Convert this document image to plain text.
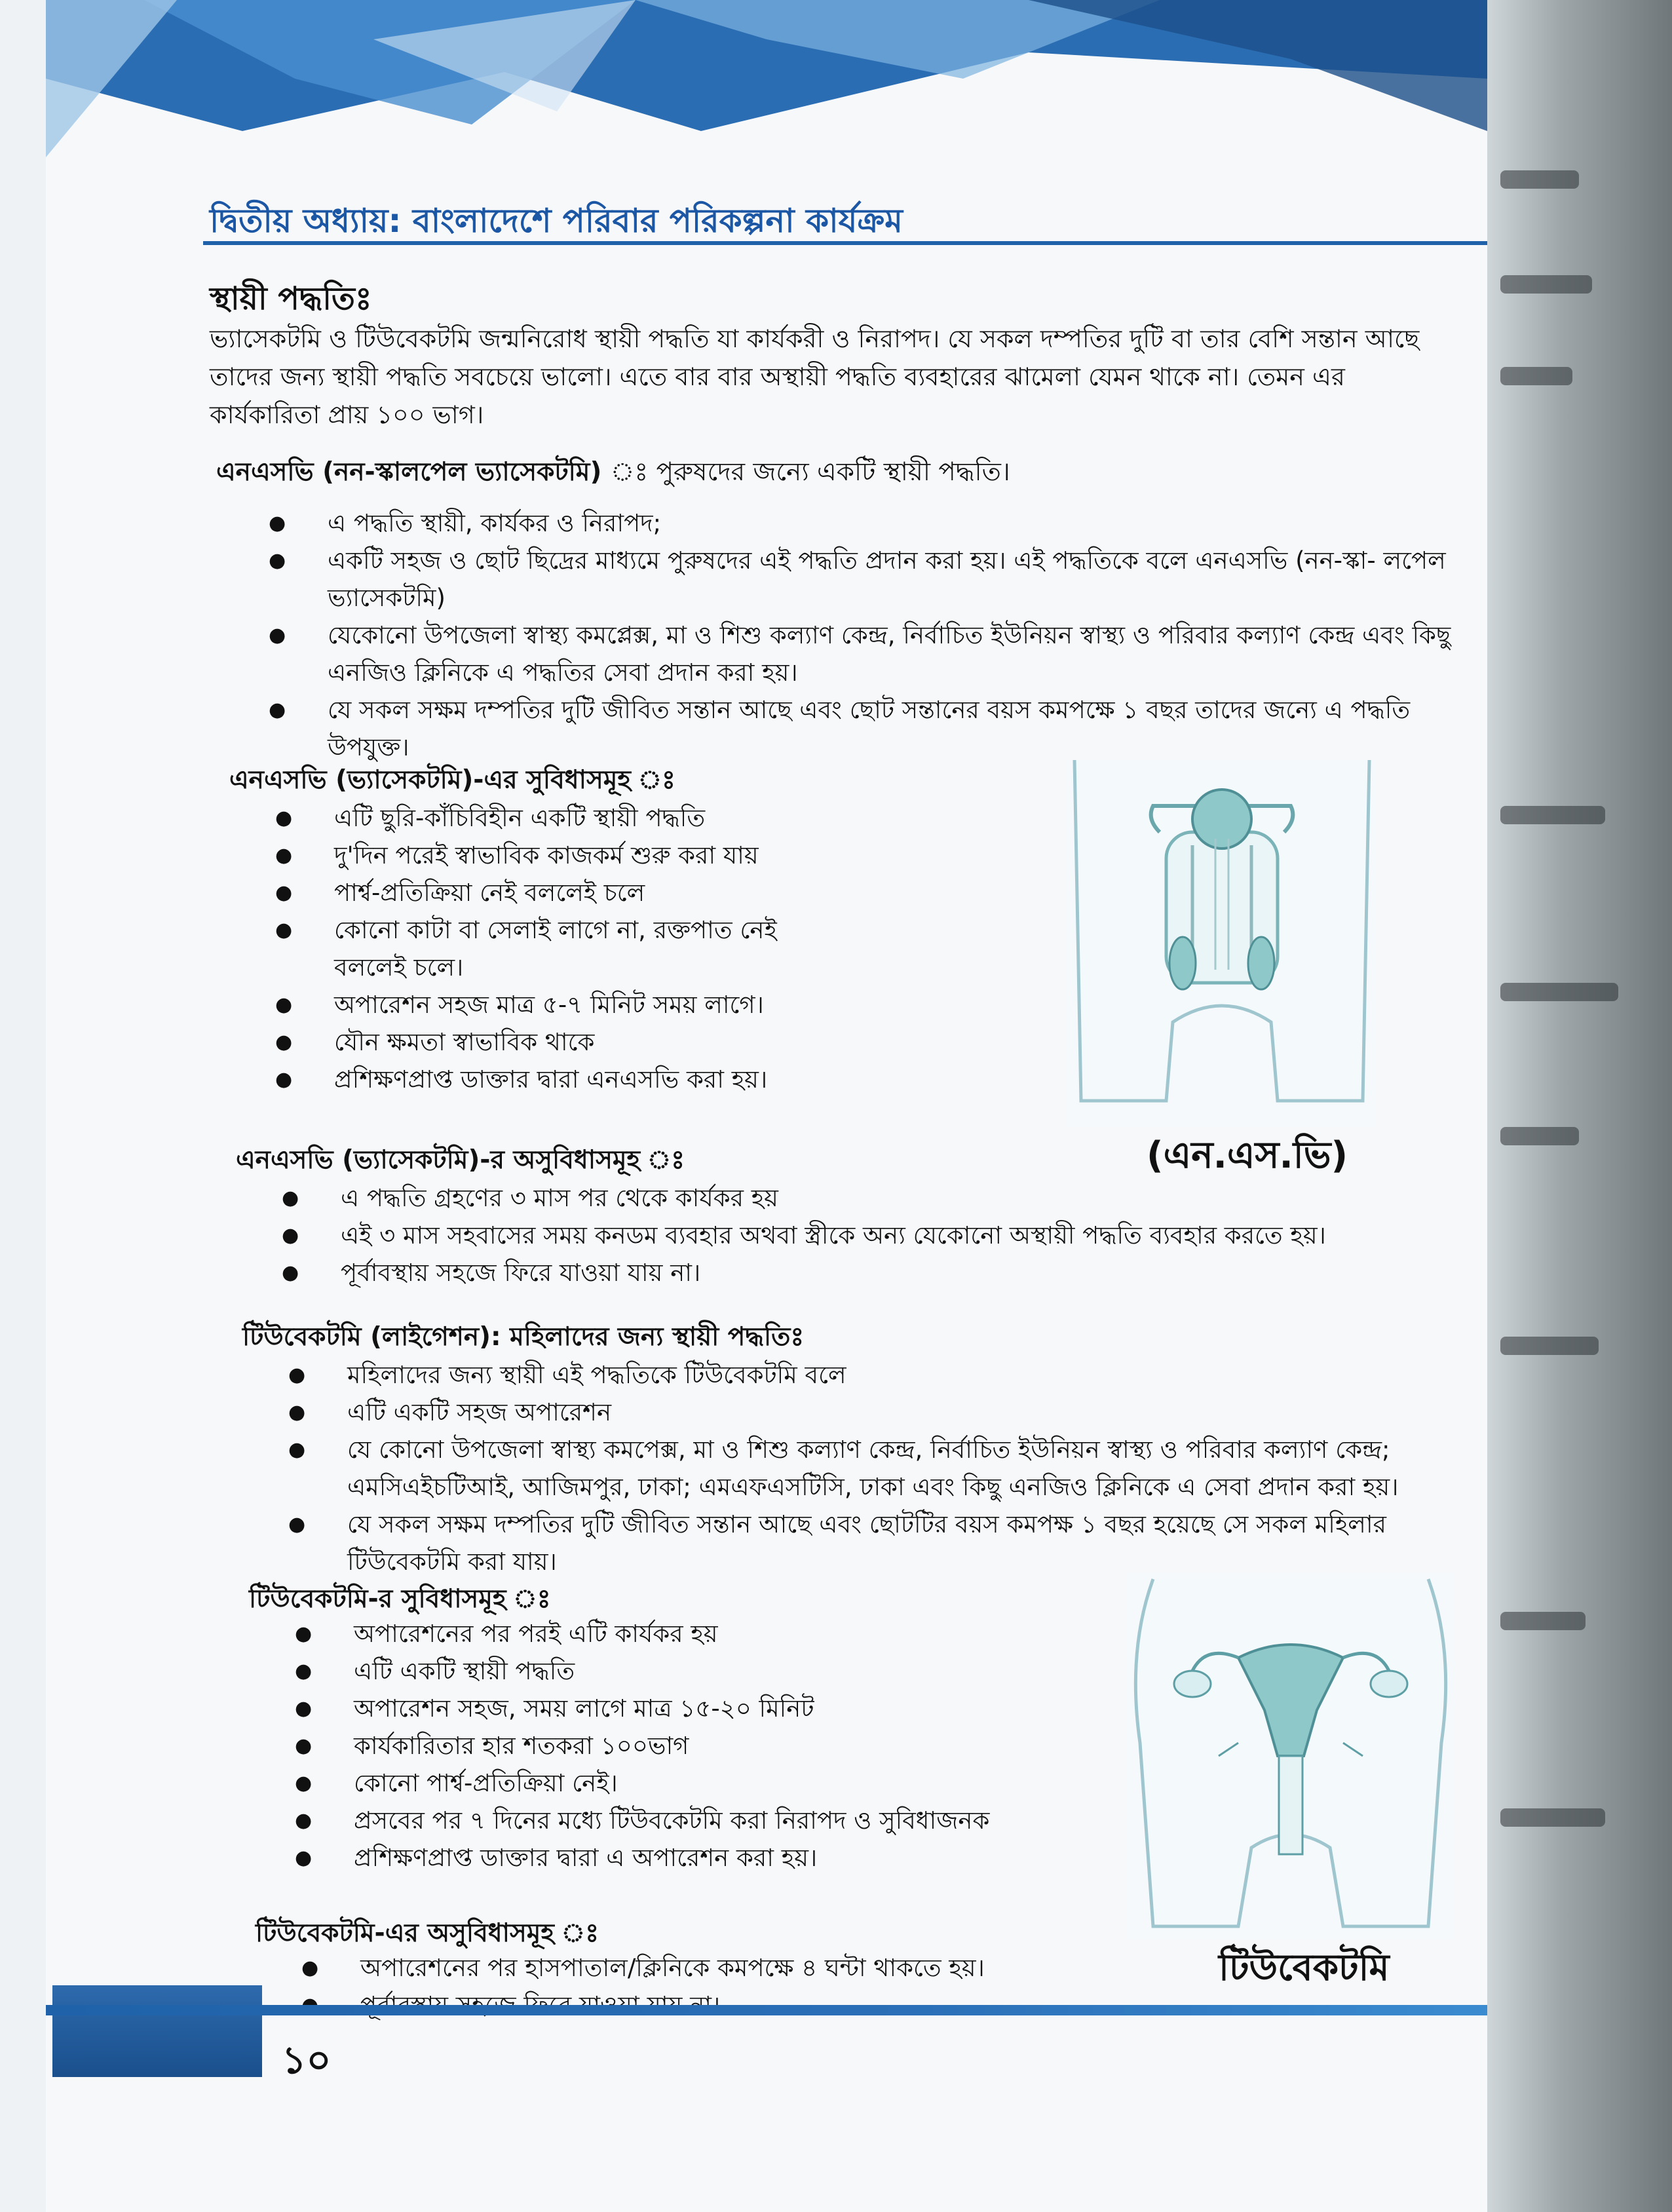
দ্বিতীয় অধ্যায়: বাংলাদেশে পরিবার পরিকল্পনা কার্যক্রম
স্থায়ী পদ্ধতিঃ
ভ্যাসেকটমি ও টিউবেকটমি জন্মনিরোধ স্থায়ী পদ্ধতি যা কার্যকরী ও নিরাপদ। যে সকল দম্পতির দুটি বা তার বেশি সন্তান আছে
তাদের জন্য স্থায়ী পদ্ধতি সবচেয়ে ভালো। এতে বার বার অস্থায়ী পদ্ধতি ব্যবহারের ঝামেলা যেমন থাকে না। তেমন এর
কার্যকারিতা প্রায় ১০০ ভাগ।
এনএসভি (নন-স্কালপেল ভ্যাসেকটমি) ঃ পুরুষদের জন্যে একটি স্থায়ী পদ্ধতি।
● এ পদ্ধতি স্থায়ী, কার্যকর ও নিরাপদ;
● একটি সহজ ও ছোট ছিদ্রের মাধ্যমে পুরুষদের এই পদ্ধতি প্রদান করা হয়। এই পদ্ধতিকে বলে এনএসভি (নন-স্কা- লপেল ভ্যাসেকটমি)
● যেকোনো উপজেলা স্বাস্থ্য কমপ্লেক্স, মা ও শিশু কল্যাণ কেন্দ্র, নির্বাচিত ইউনিয়ন স্বাস্থ্য ও পরিবার কল্যাণ কেন্দ্র এবং কিছু এনজিও ক্লিনিকে এ পদ্ধতির সেবা প্রদান করা হয়।
● যে সকল সক্ষম দম্পতির দুটি জীবিত সন্তান আছে এবং ছোট সন্তানের বয়স কমপক্ষে ১ বছর তাদের জন্যে এ পদ্ধতি উপযুক্ত।
এনএসভি (ভ্যাসেকটমি)-এর সুবিধাসমূহ ঃ
● এটি ছুরি-কাঁচিবিহীন একটি স্থায়ী পদ্ধতি
● দু'দিন পরেই স্বাভাবিক কাজকর্ম শুরু করা যায়
● পার্শ্ব-প্রতিক্রিয়া নেই বললেই চলে
● কোনো কাটা বা সেলাই লাগে না, রক্তপাত নেই বললেই চলে।
● অপারেশন সহজ মাত্র ৫-৭ মিনিট সময় লাগে।
● যৌন ক্ষমতা স্বাভাবিক থাকে
● প্রশিক্ষণপ্রাপ্ত ডাক্তার দ্বারা এনএসভি করা হয়।
(এন.এস.ভি)
এনএসভি (ভ্যাসেকটমি)-র অসুবিধাসমূহ ঃ
● এ পদ্ধতি গ্রহণের ৩ মাস পর থেকে কার্যকর হয়
● এই ৩ মাস সহবাসের সময় কনডম ব্যবহার অথবা স্ত্রীকে অন্য যেকোনো অস্থায়ী পদ্ধতি ব্যবহার করতে হয়।
● পূর্বাবস্থায় সহজে ফিরে যাওয়া যায় না।
টিউবেকটমি (লাইগেশন): মহিলাদের জন্য স্থায়ী পদ্ধতিঃ
● মহিলাদের জন্য স্থায়ী এই পদ্ধতিকে টিউবেকটমি বলে
● এটি একটি সহজ অপারেশন
● যে কোনো উপজেলা স্বাস্থ্য কমপেক্স, মা ও শিশু কল্যাণ কেন্দ্র, নির্বাচিত ইউনিয়ন স্বাস্থ্য ও পরিবার কল্যাণ কেন্দ্র; এমসিএইচটিআই, আজিমপুর, ঢাকা; এমএফএসটিসি, ঢাকা এবং কিছু এনজিও ক্লিনিকে এ সেবা প্রদান করা হয়।
● যে সকল সক্ষম দম্পতির দুটি জীবিত সন্তান আছে এবং ছোটটির বয়স কমপক্ষ ১ বছর হয়েছে সে সকল মহিলার টিউবেকটমি করা যায়।
টিউবেকটমি-র সুবিধাসমূহ ঃ
● অপারেশনের পর পরই এটি কার্যকর হয়
● এটি একটি স্থায়ী পদ্ধতি
● অপারেশন সহজ, সময় লাগে মাত্র ১৫-২০ মিনিট
● কার্যকারিতার হার শতকরা ১০০ভাগ
● কোনো পার্শ্ব-প্রতিক্রিয়া নেই।
● প্রসবের পর ৭ দিনের মধ্যে টিউবকেটমি করা নিরাপদ ও সুবিধাজনক
● প্রশিক্ষণপ্রাপ্ত ডাক্তার দ্বারা এ অপারেশন করা হয়।
টিউবেকটমি
টিউবেকটমি-এর অসুবিধাসমূহ ঃ
● অপারেশনের পর হাসপাতাল/ক্লিনিকে কমপক্ষে ৪ ঘন্টা থাকতে হয়।
●
১০
